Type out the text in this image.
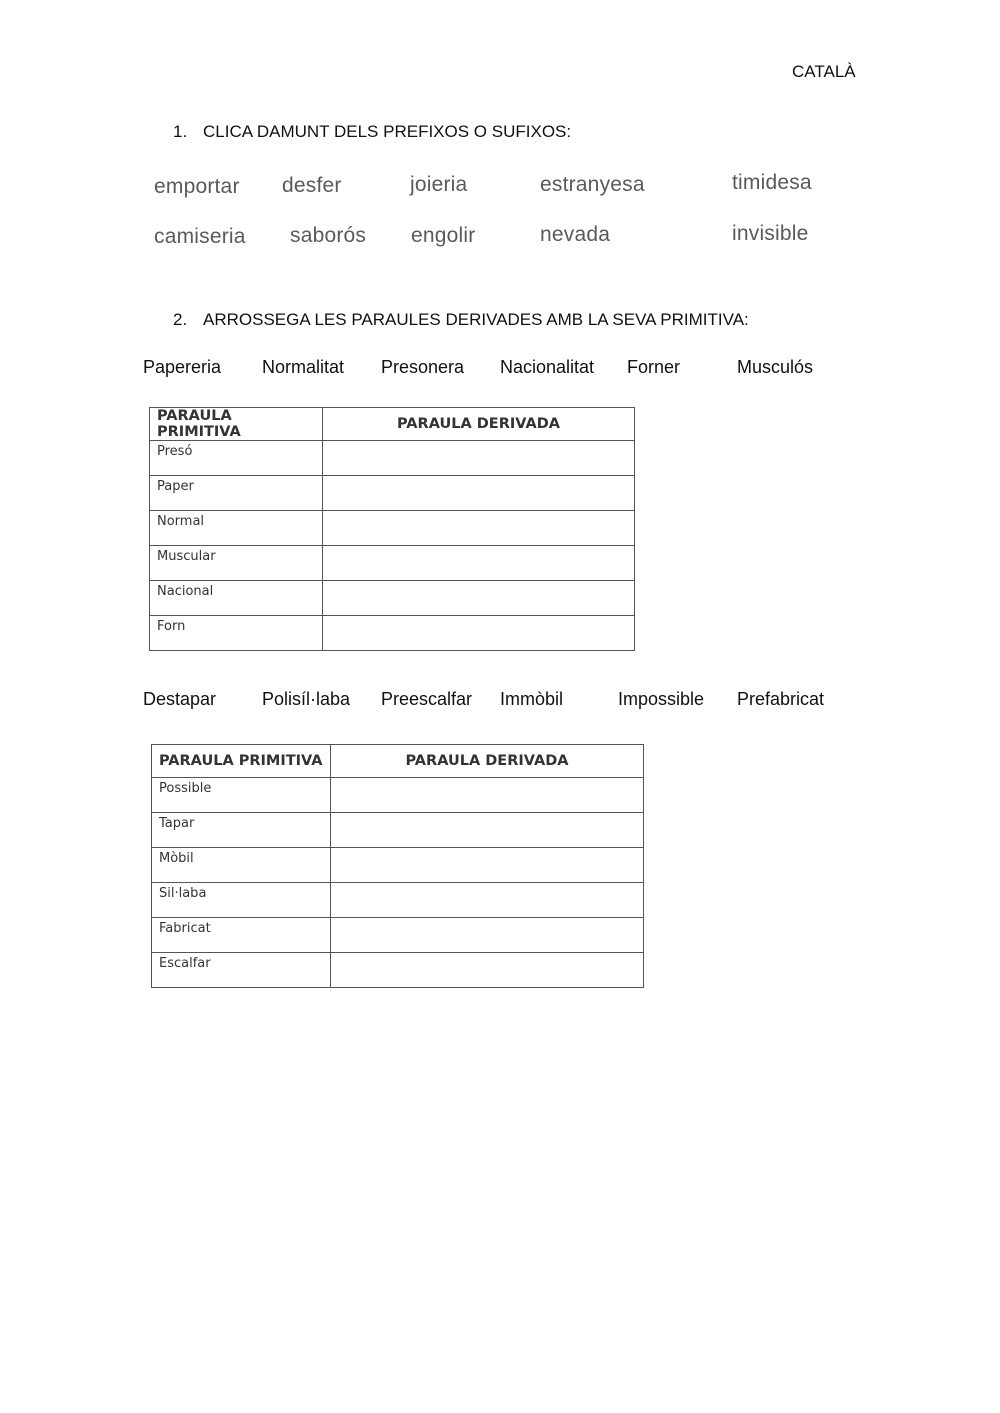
CATALÀ
1. CLICA DAMUNT DELS PREFIXOS O SUFIXOS:
emportar desfer	joieria	estranyesa	timidesa
camiseria saborós engolir	nevada	invisible
2. ARROSSEGA LES PARAULES DERIVADES AMB LA SEVA PRIMITIVA:
Papereria Normalitat Presonera Nacionalitat Forner	Musculós
PARAULA PRIMITIVA	PARAULA DERIVADA
Presó	
Paper	
Normal	
Muscular	
Nacional	
Forn	
Destapar	Polisíl·laba Preescalfar Immòbil	Impossible Prefabricat
PARAULA PRIMITIVA	PARAULA DERIVADA
Possible	
Tapar	
Mòbil	
Sil·laba	
Fabricat	
Escalfar	
